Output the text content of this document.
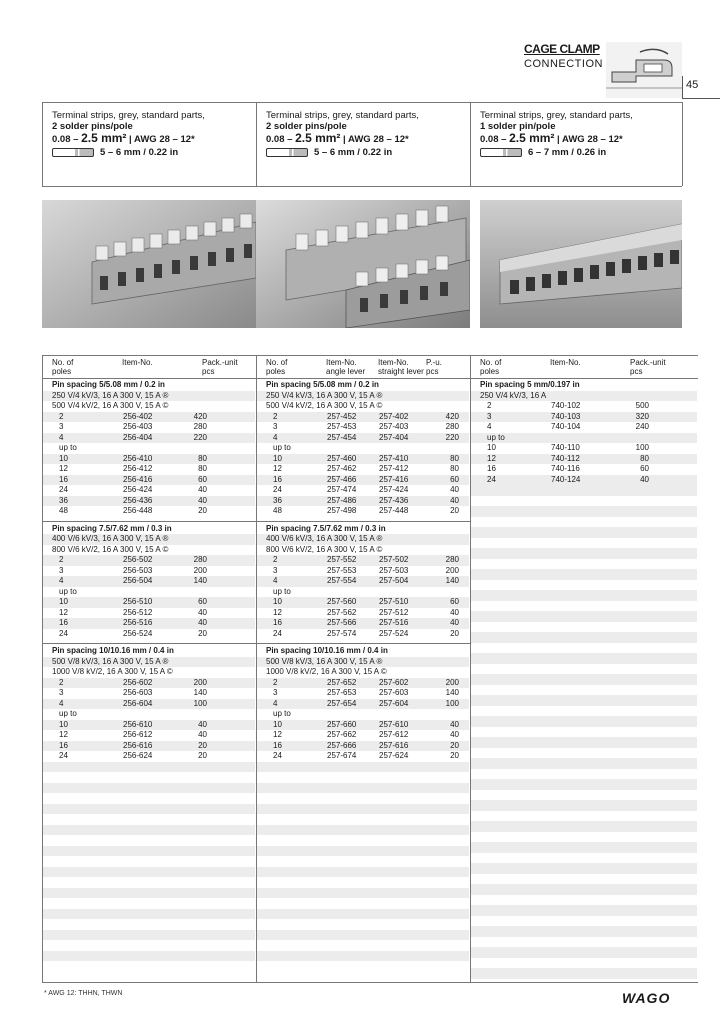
CAGE CLAMP
CONNECTION
45
Terminal strips, grey, standard parts,
2 solder pins/pole
0.08 – 2.5 mm² | AWG 28 – 12*
5 – 6 mm / 0.22 in
Terminal strips, grey, standard parts,
2 solder pins/pole
0.08 – 2.5 mm² | AWG 28 – 12*
5 – 6 mm / 0.22 in
Terminal strips, grey, standard parts,
1 solder pin/pole
0.08 – 2.5 mm² | AWG 28 – 12*
6 – 7 mm / 0.26 in
No. of
poles
Item-No.	Pack.-unit
pcs
Pin spacing 5/5.08 mm / 0.2 in
250 V/4 kV/3, 16 A 300 V, 15 A ®
500 V/4 kV/2, 16 A 300 V, 15 A ©
2	256-402	420
3	256-403	280
4	256-404	220
up to
10	256-410	80
12	256-412	80
16	256-416	60
24	256-424	40
36	256-436	40
48	256-448	20
Pin spacing 7.5/7.62 mm / 0.3 in
400 V/6 kV/3, 16 A 300 V, 15 A ®
800 V/6 kV/2, 16 A 300 V, 15 A ©
2	256-502	280
3	256-503	200
4	256-504	140
up to
10	256-510	60
12	256-512	40
16	256-516	40
24	256-524	20
Pin spacing 10/10.16 mm / 0.4 in
500 V/8 kV/3, 16 A 300 V, 15 A ®
1000 V/8 kV/2, 16 A 300 V, 15 A ©
2	256-602	200
3	256-603	140
4	256-604	100
up to
10	256-610	40
12	256-612	40
16	256-616	20
24	256-624	20
No. of
poles
Item-No.
angle lever
Item-No.
straight lever
P.-u.
pcs
Pin spacing 5/5.08 mm / 0.2 in
250 V/4 kV/3, 16 A 300 V, 15 A ®
500 V/4 kV/2, 16 A 300 V, 15 A ©
2	257-452	257-402	420
3	257-453	257-403	280
4	257-454	257-404	220
up to
10	257-460	257-410	80
12	257-462	257-412	80
16	257-466	257-416	60
24	257-474	257-424	40
36	257-486	257-436	40
48	257-498	257-448	20
Pin spacing 7.5/7.62 mm / 0.3 in
400 V/6 kV/3, 16 A 300 V, 15 A ®
800 V/6 kV/2, 16 A 300 V, 15 A ©
2	257-552	257-502	280
3	257-553	257-503	200
4	257-554	257-504	140
up to
10	257-560	257-510	60
12	257-562	257-512	40
16	257-566	257-516	40
24	257-574	257-524	20
Pin spacing 10/10.16 mm / 0.4 in
500 V/8 kV/3, 16 A 300 V, 15 A ®
1000 V/8 kV/2, 16 A 300 V, 15 A ©
2	257-652	257-602	200
3	257-653	257-603	140
4	257-654	257-604	100
up to
10	257-660	257-610	40
12	257-662	257-612	40
16	257-666	257-616	20
24	257-674	257-624	20
No. of
poles
Item-No.	Pack.-unit
pcs
Pin spacing 5 mm/0.197 in
250 V/4 kV/3, 16 A
2	740-102	500
3	740-103	320
4	740-104	240
up to
10	740-110	100
12	740-112	80
16	740-116	60
24	740-124	40
* AWG 12: THHN, THWN	WAGO
